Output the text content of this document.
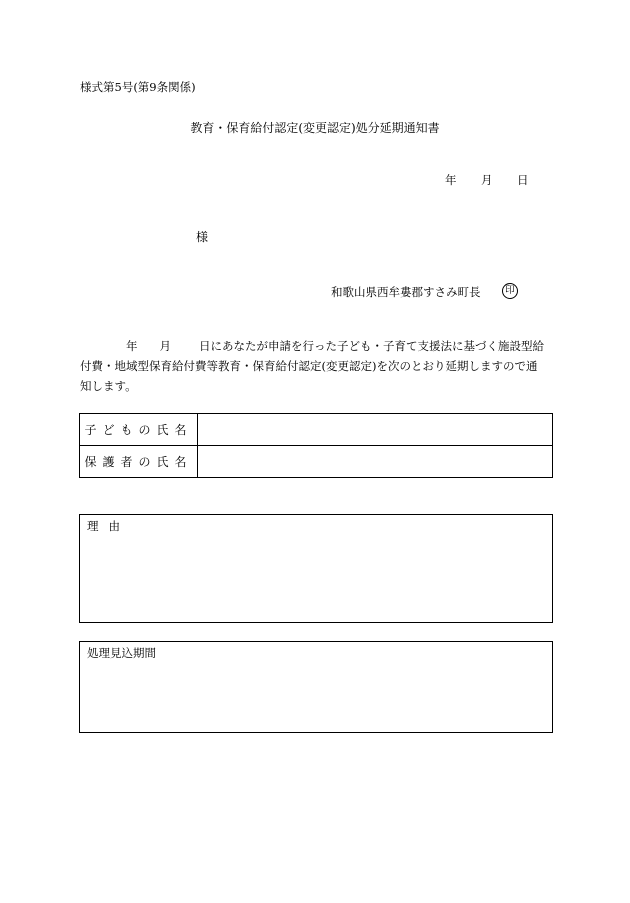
様式第5号(第9条関係)
教育・保育給付認定(変更認定)処分延期通知書
年 月 日
様
和歌山県西牟婁郡すさみ町長	印
年 月 日にあなたが申請を行った子ども・子育て支援法に基づく施設型給
付費・地域型保育給付費等教育・保育給付認定(変更認定)を次のとおり延期しますので通
知します。
子どもの氏名	
保護者の氏名	
理由
処理見込期間
